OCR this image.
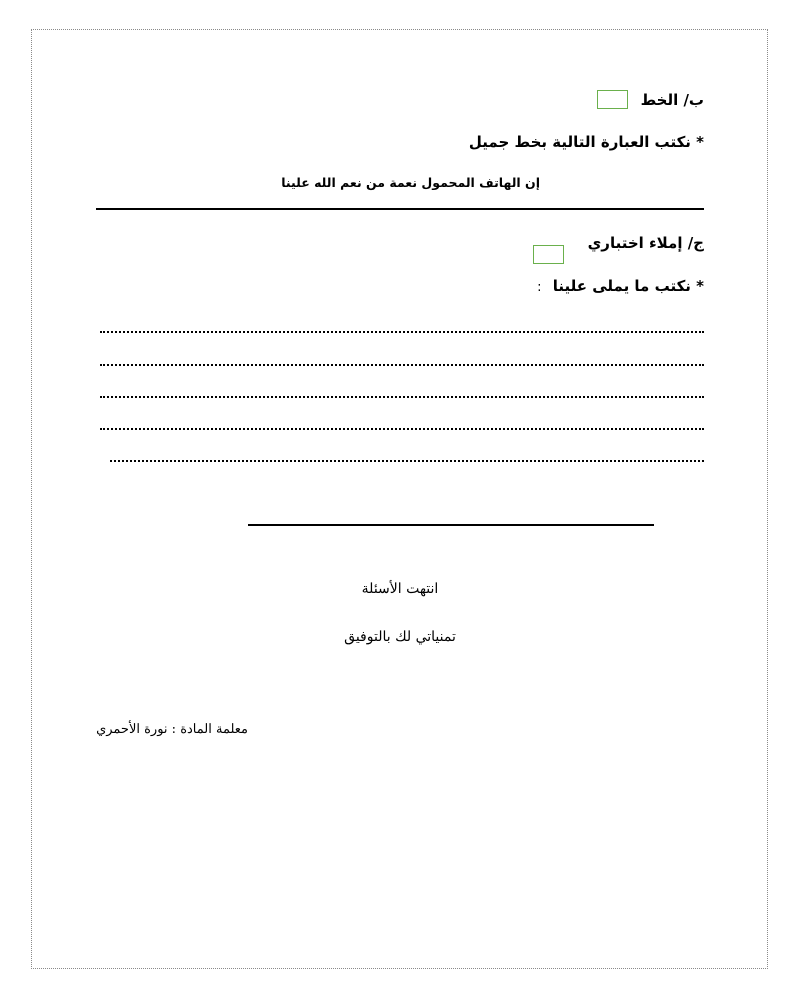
ب/ الخط
* نكتب العبارة التالية بخط جميل
إن الهاتف المحمول نعمة من نعم الله علينا
ج/ إملاء اختباري
* نكتب ما يملى علينا :
انتهت الأسئلة
تمنياتي لك بالتوفيق
معلمة المادة : نورة الأحمري
